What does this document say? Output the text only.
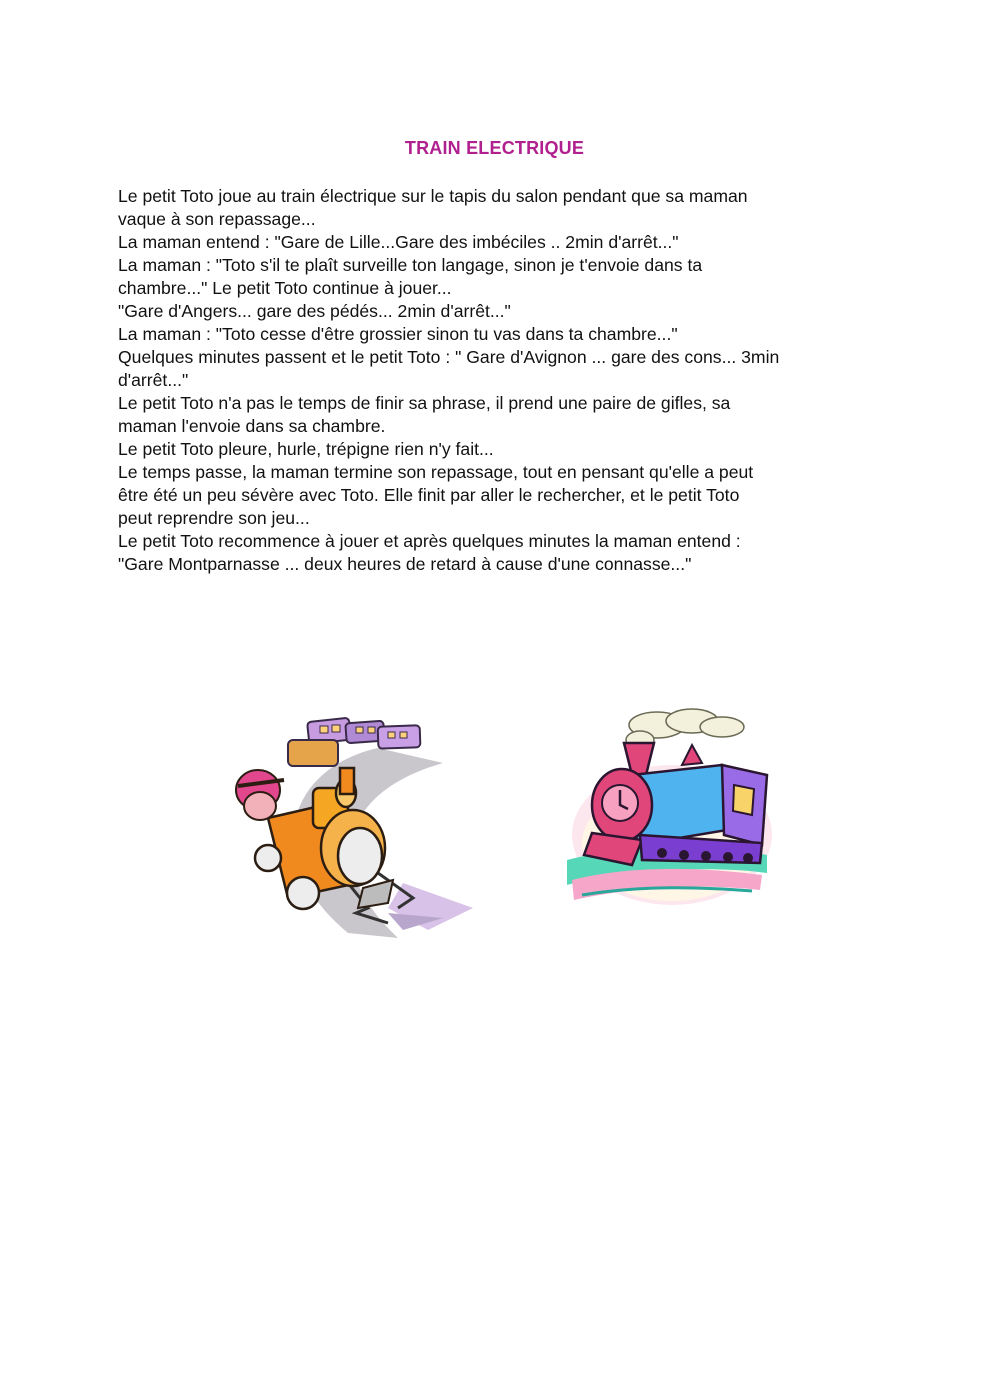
TRAIN ELECTRIQUE

Le petit Toto joue au train électrique sur le tapis du salon pendant que sa maman
vaque à son repassage...

La maman entend : "Gare de Lille...Gare des imbéciles .. 2min d'arrêt..."

La maman : "Toto s'il te plaît surveille ton langage, sinon je t'envoie dans ta
chambre..." Le petit Toto continue à jouer...

"Gare d'Angers... gare des pédés... 2min d'arrêt..."

La maman : "Toto cesse d'être grossier sinon tu vas dans ta chambre..."

Quelques minutes passent et le petit Toto : " Gare d'Avignon ... gare des cons... 3min
d'arrêt..."

Le petit Toto n'a pas le temps de finir sa phrase, il prend une paire de gifles, sa
maman l'envoie dans sa chambre.

Le petit Toto pleure, hurle, trépigne rien n'y fait...

Le temps passe, la maman termine son repassage, tout en pensant qu'elle a peut
être été un peu sévère avec Toto. Elle finit par aller le rechercher, et le petit Toto
peut reprendre son jeu...

Le petit Toto recommence à jouer et après quelques minutes la maman entend :
"Gare Montparnasse ... deux heures de retard à cause d'une connasse..."
